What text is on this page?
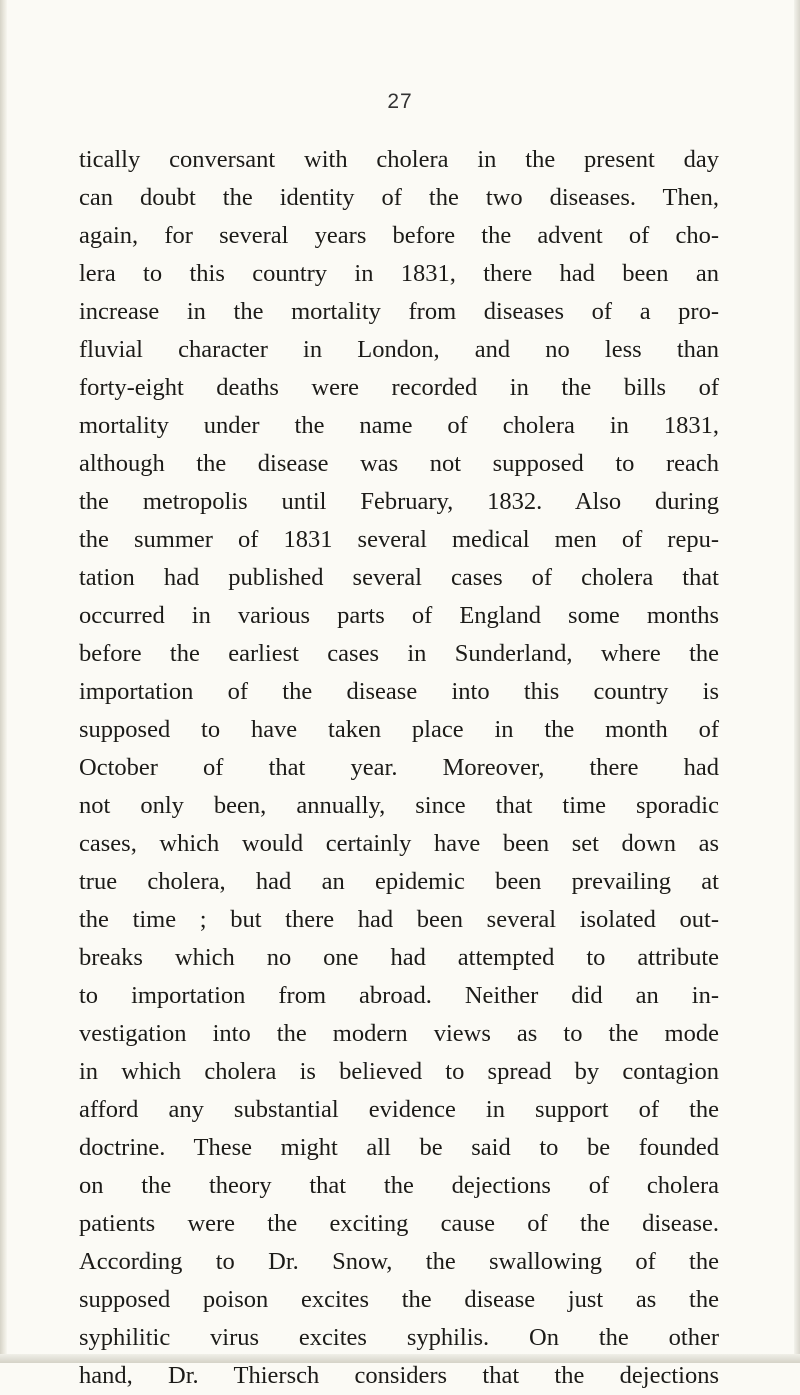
27
tically conversant with cholera in the present day
can doubt the identity of the two diseases. Then,
again, for several years before the advent of cho-
lera to this country in 1831, there had been an
increase in the mortality from diseases of a pro-
fluvial character in London, and no less than
forty-eight deaths were recorded in the bills of
mortality under the name of cholera in 1831,
although the disease was not supposed to reach
the metropolis until February, 1832. Also during
the summer of 1831 several medical men of repu-
tation had published several cases of cholera that
occurred in various parts of England some months
before the earliest cases in Sunderland, where the
importation of the disease into this country is
supposed to have taken place in the month of
October of that year. Moreover, there had
not only been, annually, since that time sporadic
cases, which would certainly have been set down as
true cholera, had an epidemic been prevailing at
the time ; but there had been several isolated out-
breaks which no one had attempted to attribute
to importation from abroad. Neither did an in-
vestigation into the modern views as to the mode
in which cholera is believed to spread by contagion
afford any substantial evidence in support of the
doctrine. These might all be said to be founded
on the theory that the dejections of cholera
patients were the exciting cause of the disease.
According to Dr. Snow, the swallowing of the
supposed poison excites the disease just as the
syphilitic virus excites syphilis. On the other
hand, Dr. Thiersch considers that the dejections
